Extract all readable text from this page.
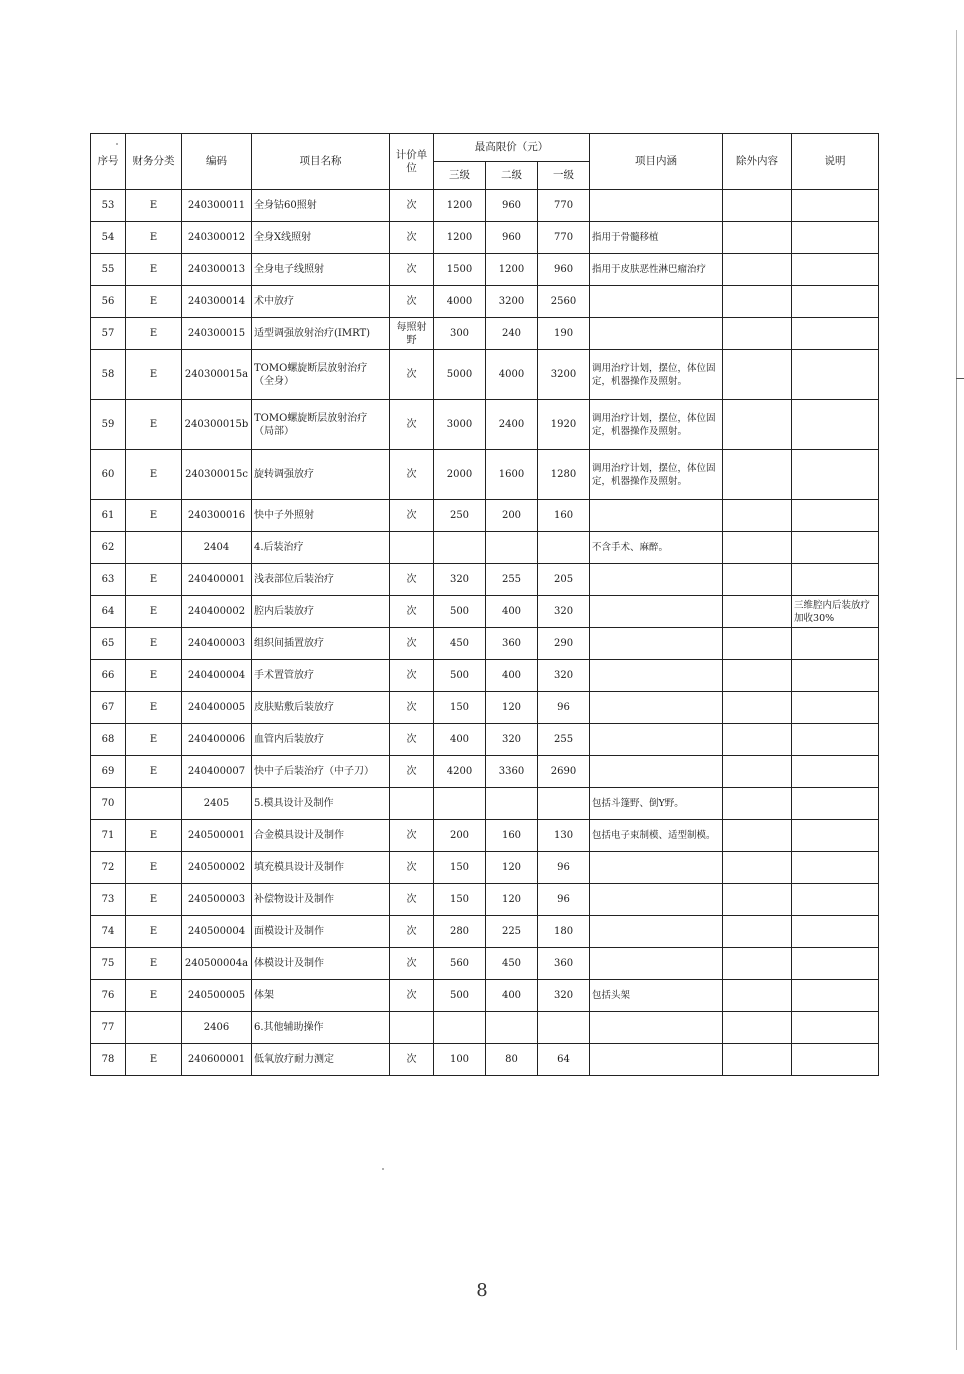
序号	财务分类	编码	项目名称	计价单位	最高限价（元）			项目内涵	除外内容	说明
					三级	二级	一级			
53	E	240300011	全身钴60照射	次	1200	960	770			
54	E	240300012	全身X线照射	次	1200	960	770	指用于骨髓移植		
55	E	240300013	全身电子线照射	次	1500	1200	960	指用于皮肤恶性淋巴瘤治疗		
56	E	240300014	术中放疗	次	4000	3200	2560			
57	E	240300015	适型调强放射治疗(IMRT)	每照射野	300	240	190			
58	E	240300015a	TOMO螺旋断层放射治疗（全身）	次	5000	4000	3200	调用治疗计划，摆位，体位固定，机器操作及照射。		
59	E	240300015b	TOMO螺旋断层放射治疗（局部）	次	3000	2400	1920	调用治疗计划，摆位，体位固定，机器操作及照射。		
60	E	240300015c	旋转调强放疗	次	2000	1600	1280	调用治疗计划，摆位，体位固定，机器操作及照射。		
61	E	240300016	快中子外照射	次	250	200	160			
62		2404	4.后装治疗					不含手术、麻醉。		
63	E	240400001	浅表部位后装治疗	次	320	255	205			
64	E	240400002	腔内后装放疗	次	500	400	320			三维腔内后装放疗加收30%
65	E	240400003	组织间插置放疗	次	450	360	290			
66	E	240400004	手术置管放疗	次	500	400	320			
67	E	240400005	皮肤贴敷后装放疗	次	150	120	96			
68	E	240400006	血管内后装放疗	次	400	320	255			
69	E	240400007	快中子后装治疗（中子刀）	次	4200	3360	2690			
70		2405	5.模具设计及制作					包括斗篷野、倒Y野。		
71	E	240500001	合金模具设计及制作	次	200	160	130	包括电子束制模、适型制模。		
72	E	240500002	填充模具设计及制作	次	150	120	96			
73	E	240500003	补偿物设计及制作	次	150	120	96			
74	E	240500004	面模设计及制作	次	280	225	180			
75	E	240500004a	体模设计及制作	次	560	450	360			
76	E	240500005	体架	次	500	400	320	包括头架		
77		2406	6.其他辅助操作							
78	E	240600001	低氧放疗耐力测定	次	100	80	64			
8
